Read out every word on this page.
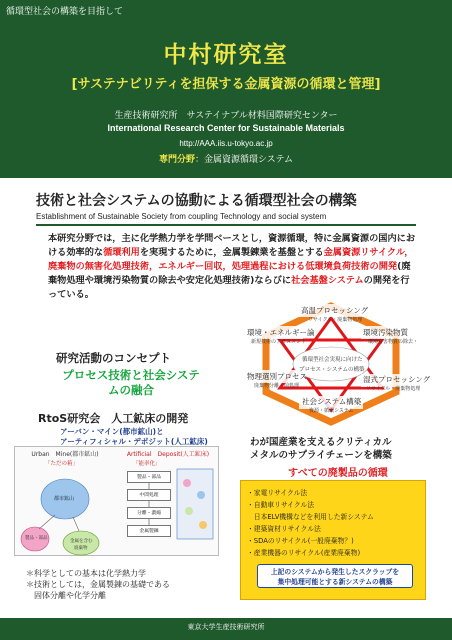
循環型社会の構築を目指して
中村研究室
[サステナビリティを担保する金属資源の循環と管理]
生産技術研究所　サステイナブル材料国際研究センター
International Research Center for Sustainable Materials
http://AAA.iis.u-tokyo.ac.jp
専門分野：金属資源循環システム
技術と社会システムの協動による循環型社会の構築
Establishment of Sustainable Society from coupling Technology and social system
本研究分野では，主に化学熱力学を学問ベースとし，資源循環，特に金属資源の国内における効率的な循環利用を実現するために，金属製錬業を基盤とする金属資源リサイクル，廃棄物の無害化処理技術，エネルギー回収，処理過程における低環境負荷技術の開発(廃棄物処理や環境汚染物質の除去や安定化処理技術)ならびに社会基盤システムの開発を行っている。
研究活動のコンセプト
プロセス技術と社会システ
ムの融合
高温プロセッシング
リサイクル・廃棄物処理
環境汚染物質
環境有害物質の除去・
湿式プロセッシング
リサイクル・廃棄物処理
社会システム構築
資源・循環システム
物理選別プロセス
廃棄物分離・前処理
環境・エネルギー論
新規技術のアセスメント
循環型社会実現に向けた
プロセス・システムの構築
RtoS研究会　人工鉱床の開発
アーバン・マイン(都市鉱山)と
アーティフィシャル・デポジット(人工鉱床)
Urban　Mine(都市鉱山)
「ただの箱」
都市鉱山
製品・部品
金属を含む
廃棄物
Artificial　Deposit(人工鉱床)
「能率化」
製品・部品
中間処理
分離・濃縮
金属製錬
＊科学としての基本は化学熱力学
＊技術としては，金属製錬の基礎である
　固体分離や化学分離
わが国産業を支えるクリティカル
メタルのサプライチェーンを構築
すべての廃製品の循環
・家電リサイクル法
・自動車リサイクル法
　日本ELV機構などを利用した新システム
・建築資材リサイクル法
・SDAのリサイクル(一般廃棄物？)
・産業機器のリサイクル(産業廃棄物)
上記のシステムから発生したスクラップを
集中処理可能とする新システムの構築
東京大学生産技術研究所
